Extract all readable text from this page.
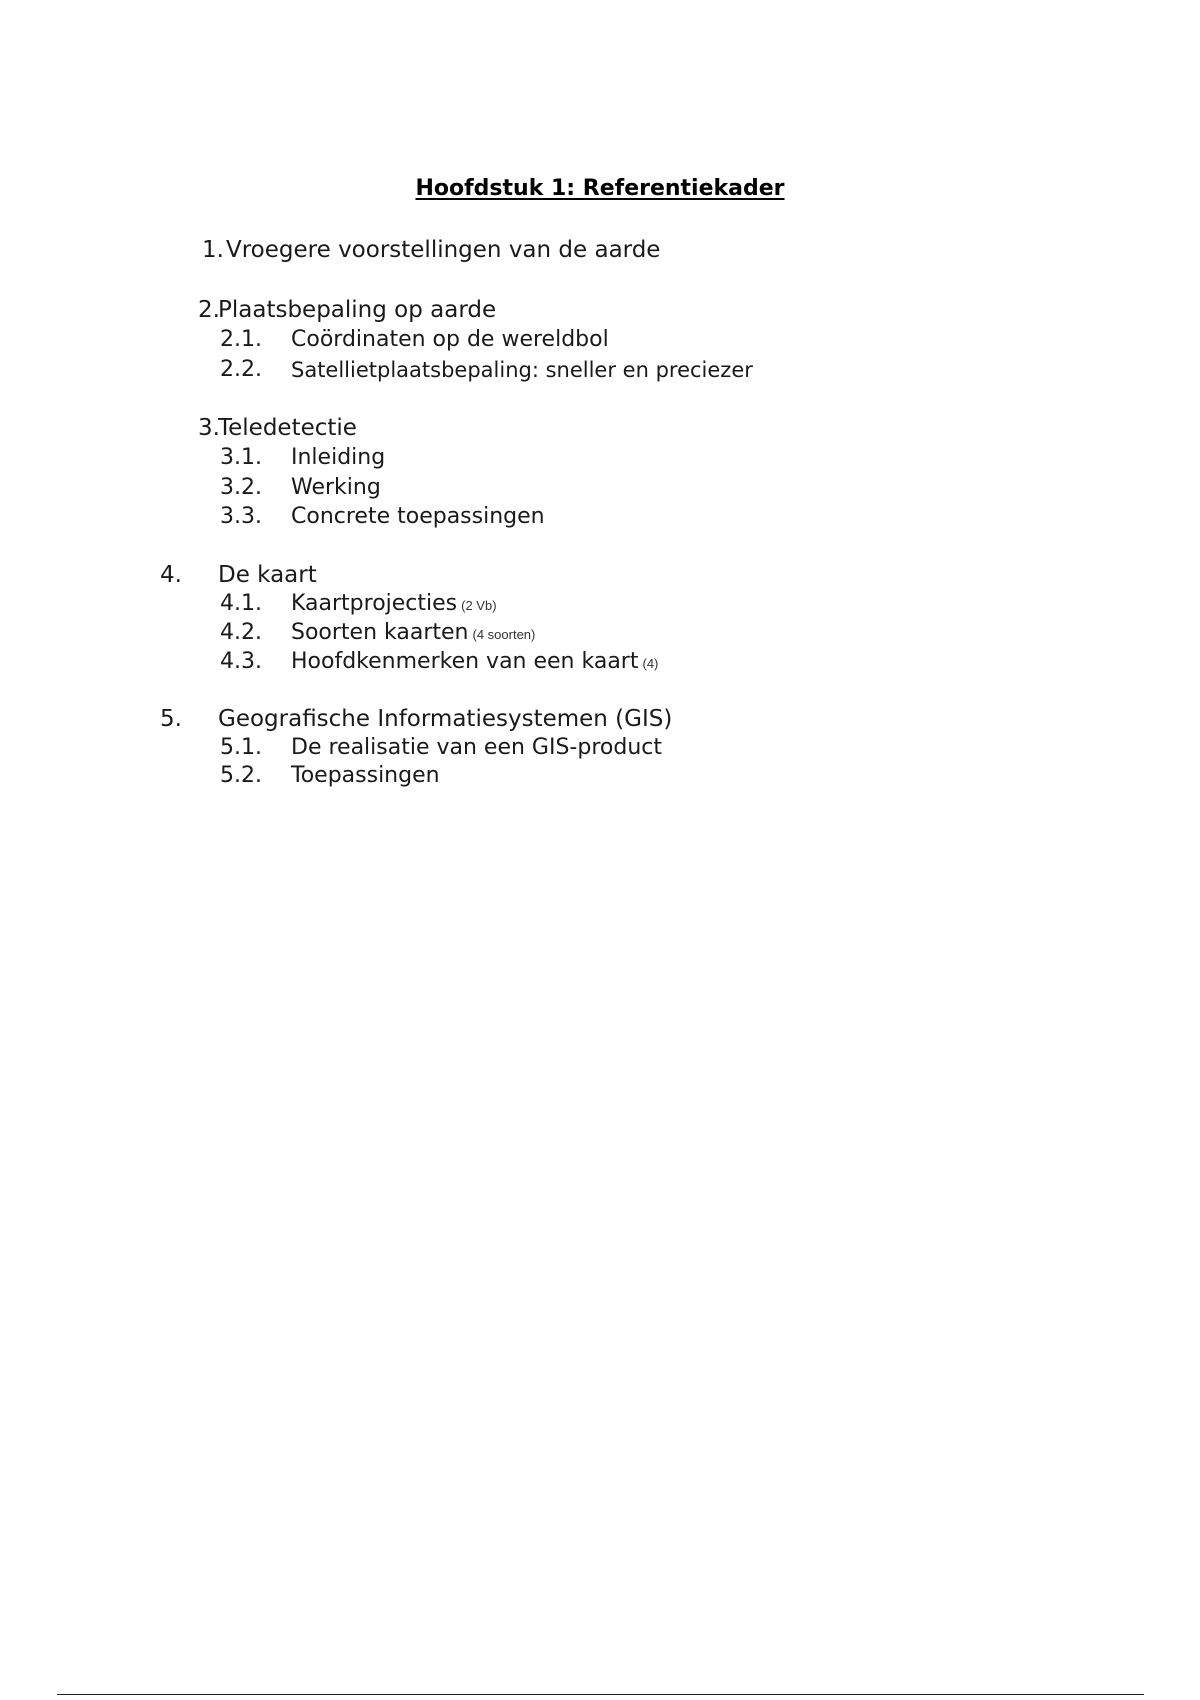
Hoofdstuk 1: Referentiekader
1. Vroegere voorstellingen van de aarde
2.
Plaatsbepaling op aarde
2.1. Coördinaten op de wereldbol
2.2. Satellietplaatsbepaling: sneller en preciezer
3.
Teledetectie
3.1. Inleiding
3.2. Werking
3.3. Concrete toepassingen
4. De kaart
4.1. Kaartprojecties (2 Vb)
4.2. Soorten kaarten (4 soorten)
4.3. Hoofdkenmerken van een kaart (4)
5. Geografische Informatiesystemen (GIS)
5.1. De realisatie van een GIS-product
5.2. Toepassingen
